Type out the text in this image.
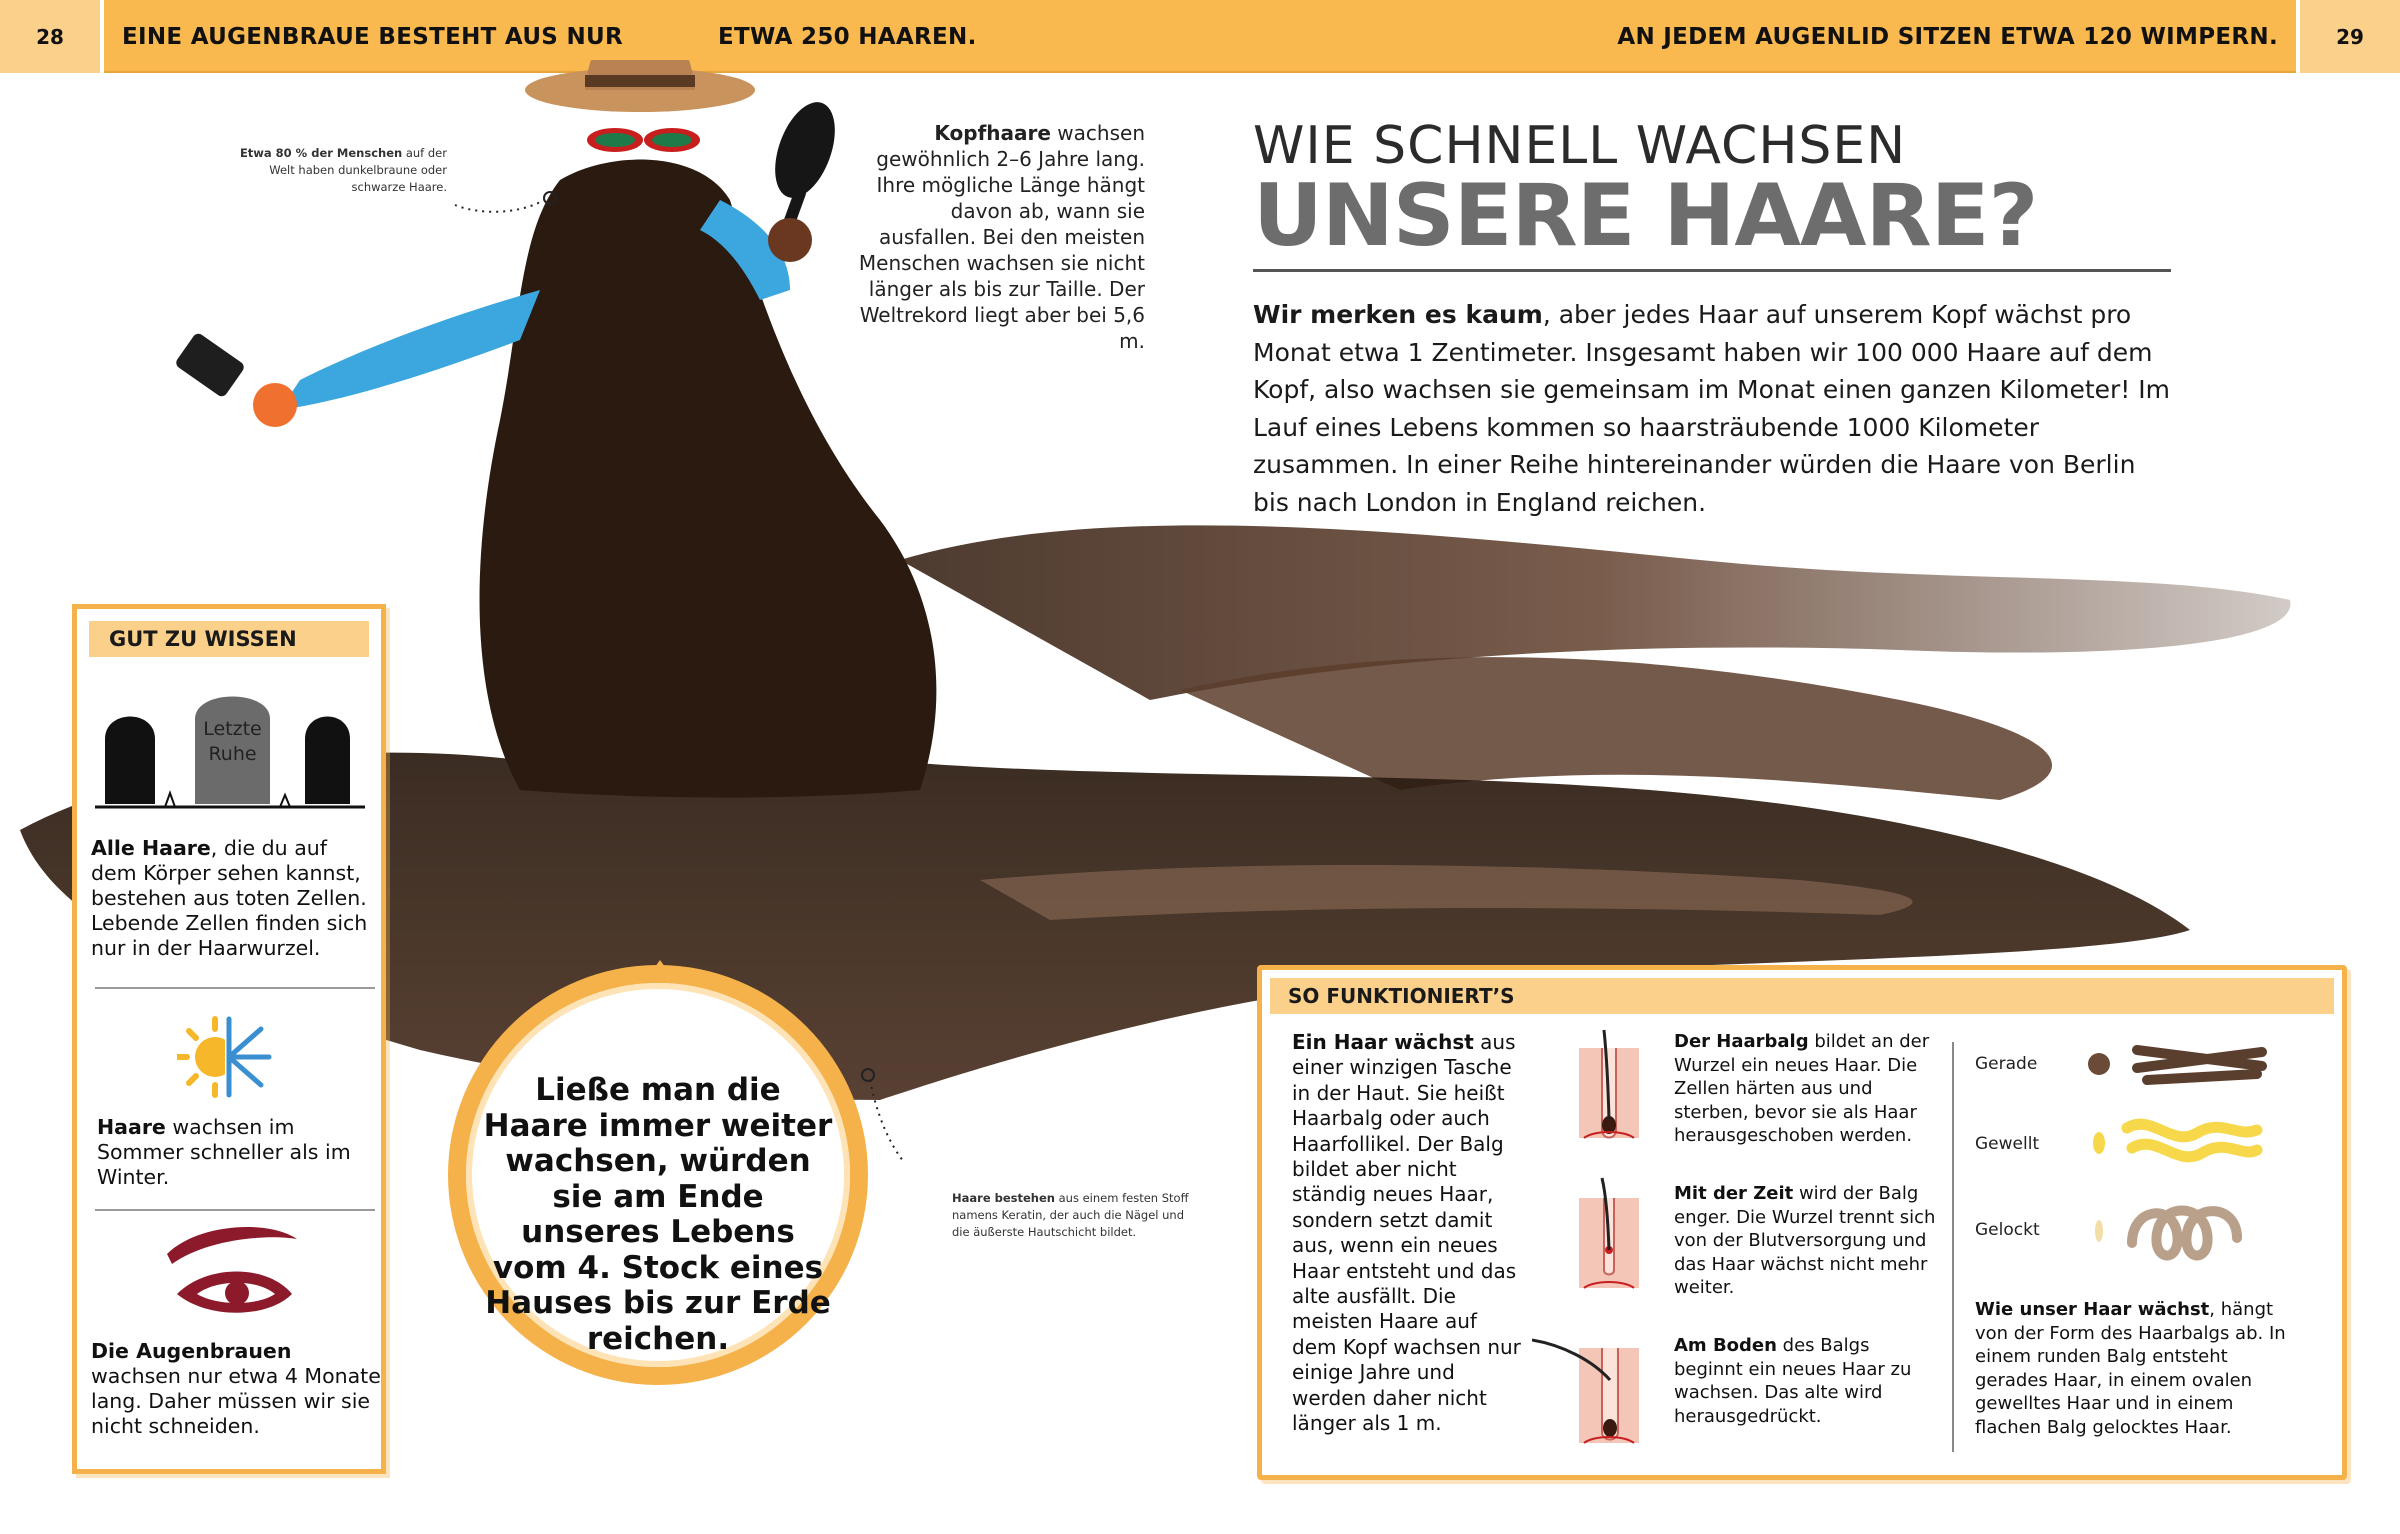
28	EINE AUGENBRAUE BESTEHT AUS NUR	ETWA 250 HAAREN.	AN JEDEM AUGENLID SITZEN ETWA 120 WIMPERN.	29
Etwa 80 % der Menschen auf der Welt haben dunkelbraune oder schwarze Haare.
Kopfhaare wachsen gewöhnlich 2–6 Jahre lang. Ihre mögliche Länge hängt davon ab, wann sie ausfallen. Bei den meisten Menschen wachsen sie nicht länger als bis zur Taille. Der Weltrekord liegt aber bei 5,6 m.
WIE SCHNELL WACHSEN
UNSERE HAARE?
Wir merken es kaum, aber jedes Haar auf unserem Kopf wächst pro Monat etwa 1 Zentimeter. Insgesamt haben wir 100 000 Haare auf dem Kopf, also wachsen sie gemeinsam im Monat einen ganzen Kilometer! Im Lauf eines Lebens kommen so haarsträubende 1000 Kilometer zusammen. In einer Reihe hintereinander würden die Haare von Berlin bis nach London in England reichen.
GUT ZU WISSEN
Letzte Ruhe
Alle Haare, die du auf dem Körper sehen kannst, bestehen aus toten Zellen. Lebende Zellen finden sich nur in der Haarwurzel.
Haare wachsen im Sommer schneller als im Winter.
Die Augenbrauen wachsen nur etwa 4 Monate lang. Daher müssen wir sie nicht schneiden.
Ließe man die Haare immer weiter wachsen, würden sie am Ende unseres Lebens vom 4. Stock eines Hauses bis zur Erde reichen.
Haare bestehen aus einem festen Stoff namens Keratin, der auch die Nägel und die äußerste Hautschicht bildet.
SO FUNKTIONIERT’S
Ein Haar wächst aus einer winzigen Tasche in der Haut. Sie heißt Haarbalg oder auch Haarfollikel. Der Balg bildet aber nicht ständig neues Haar, sondern setzt damit aus, wenn ein neues Haar entsteht und das alte ausfällt. Die meisten Haare auf dem Kopf wachsen nur einige Jahre und werden daher nicht länger als 1 m.
Der Haarbalg bildet an der Wurzel ein neues Haar. Die Zellen härten aus und sterben, bevor sie als Haar herausgeschoben werden.
Mit der Zeit wird der Balg enger. Die Wurzel trennt sich von der Blutversorgung und das Haar wächst nicht mehr weiter.
Am Boden des Balgs beginnt ein neues Haar zu wachsen. Das alte wird herausgedrückt.
Gerade
Gewellt
Gelockt
Wie unser Haar wächst, hängt von der Form des Haarbalgs ab. In einem runden Balg entsteht gerades Haar, in einem ovalen gewelltes Haar und in einem flachen Balg gelocktes Haar.
